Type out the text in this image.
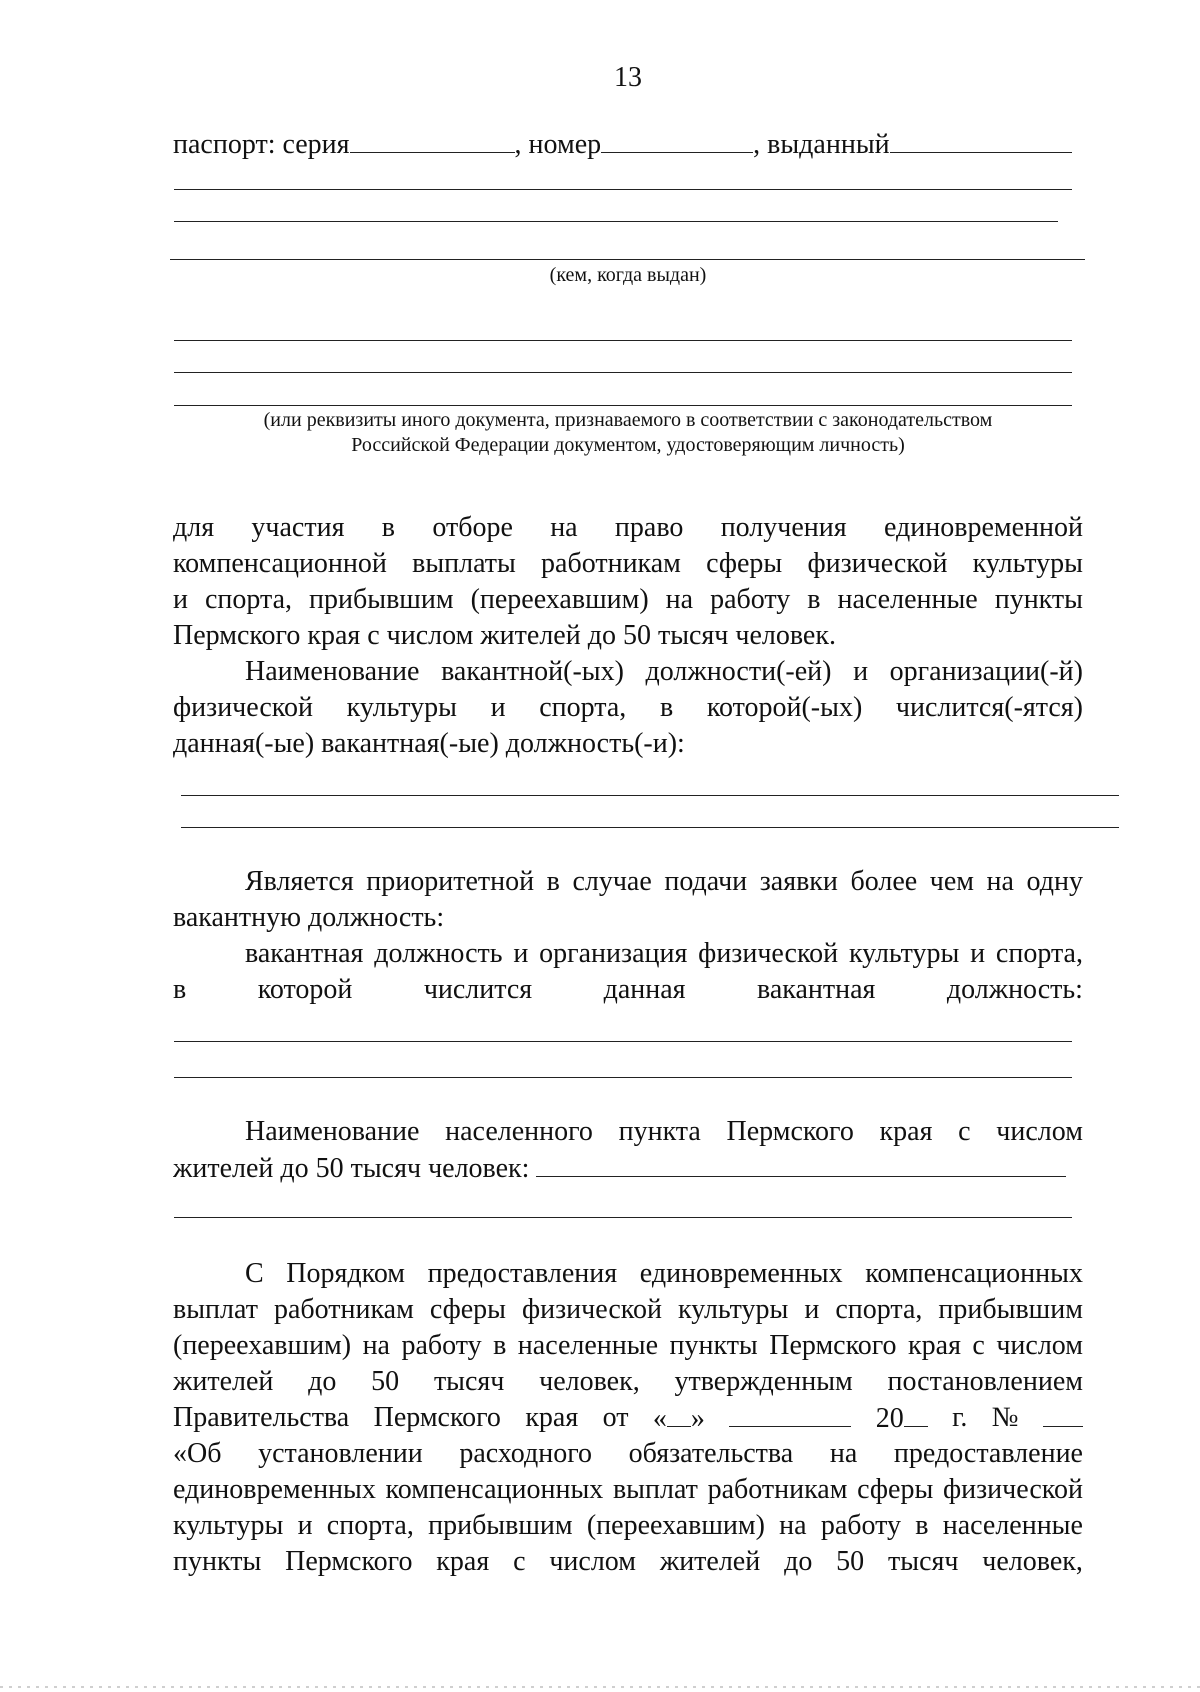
13
паспорт: серия	, номер	, выданный
(кем, когда выдан)
(или реквизиты иного документа, признаваемого в соответствии с законодательством
Российской Федерации документом, удостоверяющим личность)
для участия в отборе на право получения единовременной
компенсационной выплаты работникам сферы физической культуры
и спорта, прибывшим (переехавшим) на работу в населенные пункты
Пермского края с числом жителей до 50 тысяч человек.
Наименование вакантной(-ых) должности(-ей) и организации(-й)
физической культуры и спорта, в которой(-ых) числится(-ятся)
данная(-ые) вакантная(-ые) должность(-и):
Является приоритетной в случае подачи заявки более чем на одну
вакантную должность:
вакантная должность и организация физической культуры и спорта,
в	которой	числится	данная	вакантная	должность:
Наименование населенного пункта Пермского края с числом
жителей до 50 тысяч человек:
С Порядком предоставления единовременных компенсационных
выплат работникам сферы физической культуры и спорта, прибывшим
(переехавшим) на работу в населенные пункты Пермского края с числом
жителей до 50 тысяч человек, утвержденным постановлением
Правительства Пермского края от « »	20	г. №
«Об установлении расходного обязательства на предоставление
единовременных компенсационных выплат работникам сферы физической
культуры и спорта, прибывшим (переехавшим) на работу в населенные
пункты Пермского края с числом жителей до 50 тысяч человек,
